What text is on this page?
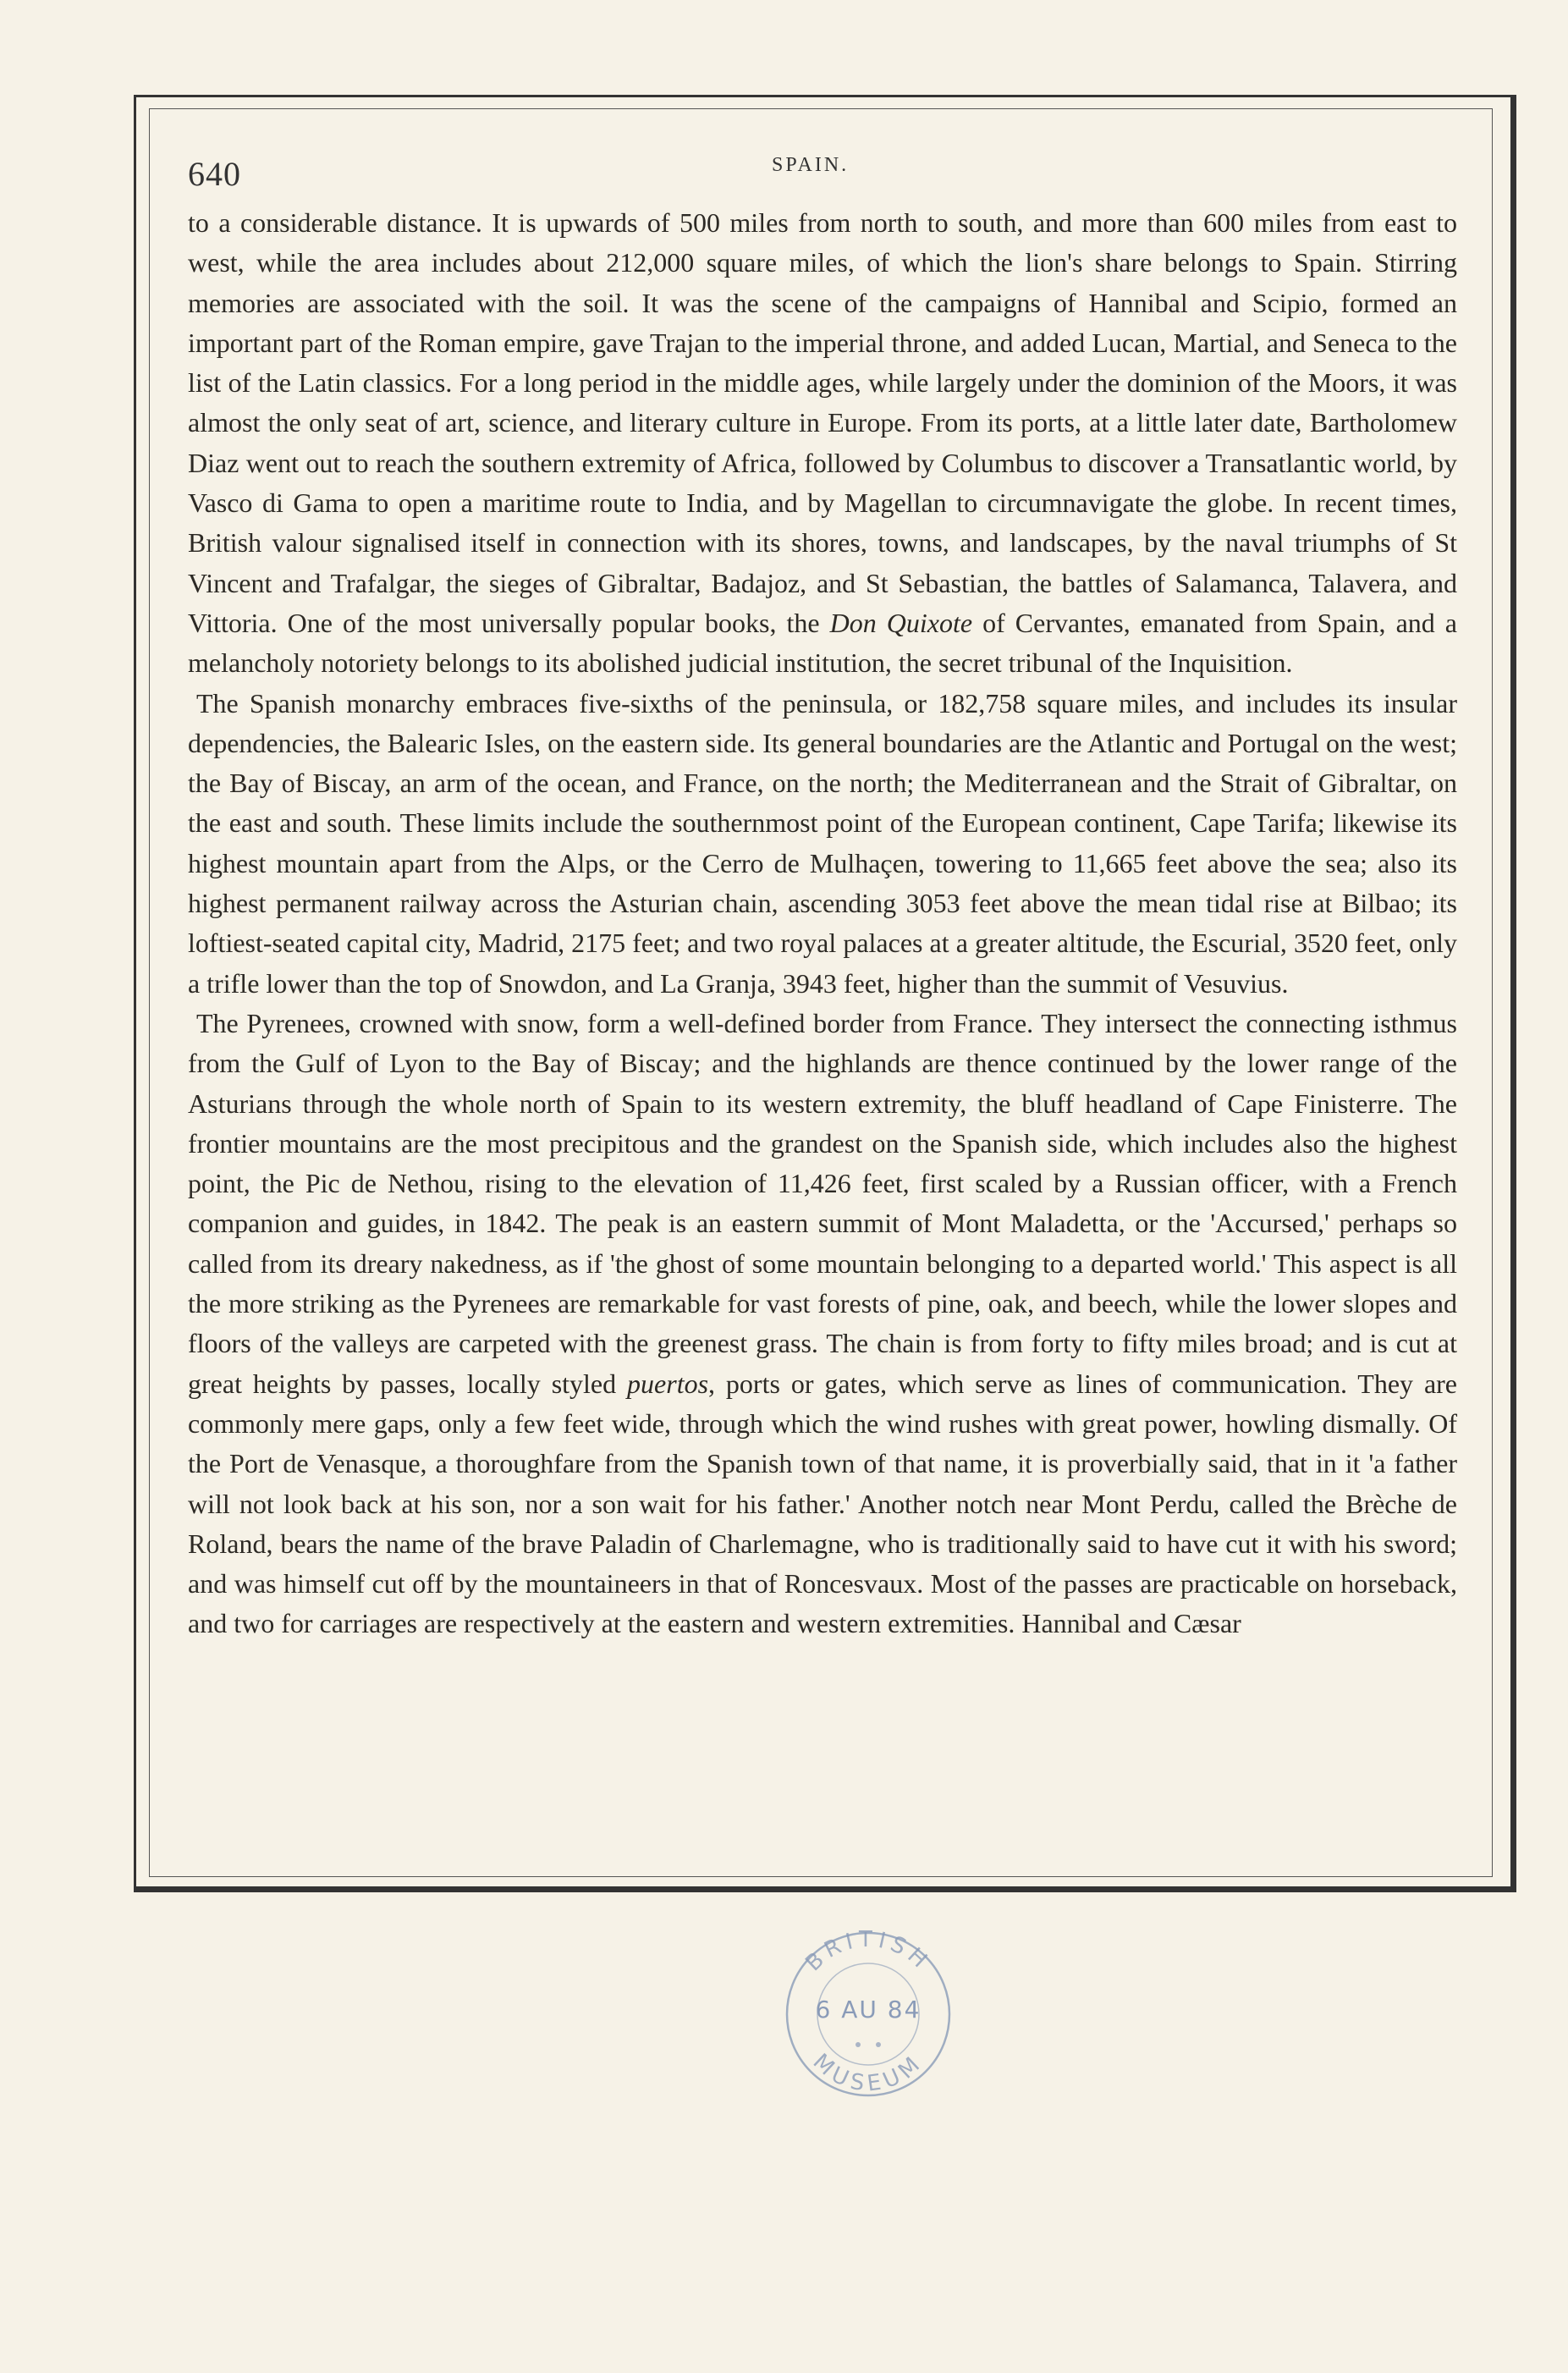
640	SPAIN.

to a considerable distance. It is upwards of 500 miles from north to south, and more than 600 miles from east to west, while the area includes about 212,000 square miles, of which the lion's share belongs to Spain. Stirring memories are associated with the soil. It was the scene of the campaigns of Hannibal and Scipio, formed an important part of the Roman empire, gave Trajan to the imperial throne, and added Lucan, Martial, and Seneca to the list of the Latin classics. For a long period in the middle ages, while largely under the dominion of the Moors, it was almost the only seat of art, science, and literary culture in Europe. From its ports, at a little later date, Bartholomew Diaz went out to reach the southern extremity of Africa, followed by Columbus to discover a Transatlantic world, by Vasco di Gama to open a maritime route to India, and by Magellan to circumnavigate the globe. In recent times, British valour signalised itself in connection with its shores, towns, and landscapes, by the naval triumphs of St Vincent and Trafalgar, the sieges of Gibraltar, Badajoz, and St Sebastian, the battles of Salamanca, Talavera, and Vittoria. One of the most universally popular books, the Don Quixote of Cervantes, emanated from Spain, and a melancholy notoriety belongs to its abolished judicial institution, the secret tribunal of the Inquisition.

The Spanish monarchy embraces five-sixths of the peninsula, or 182,758 square miles, and includes its insular dependencies, the Balearic Isles, on the eastern side. Its general boundaries are the Atlantic and Portugal on the west; the Bay of Biscay, an arm of the ocean, and France, on the north; the Mediterranean and the Strait of Gibraltar, on the east and south. These limits include the southernmost point of the European continent, Cape Tarifa; likewise its highest mountain apart from the Alps, or the Cerro de Mulhaçen, towering to 11,665 feet above the sea; also its highest permanent railway across the Asturian chain, ascending 3053 feet above the mean tidal rise at Bilbao; its loftiest-seated capital city, Madrid, 2175 feet; and two royal palaces at a greater altitude, the Escurial, 3520 feet, only a trifle lower than the top of Snowdon, and La Granja, 3943 feet, higher than the summit of Vesuvius.

The Pyrenees, crowned with snow, form a well-defined border from France. They intersect the connecting isthmus from the Gulf of Lyon to the Bay of Biscay; and the highlands are thence continued by the lower range of the Asturians through the whole north of Spain to its western extremity, the bluff headland of Cape Finisterre. The frontier mountains are the most precipitous and the grandest on the Spanish side, which includes also the highest point, the Pic de Nethou, rising to the elevation of 11,426 feet, first scaled by a Russian officer, with a French companion and guides, in 1842. The peak is an eastern summit of Mont Maladetta, or the 'Accursed,' perhaps so called from its dreary nakedness, as if 'the ghost of some mountain belonging to a departed world.' This aspect is all the more striking as the Pyrenees are remarkable for vast forests of pine, oak, and beech, while the lower slopes and floors of the valleys are carpeted with the greenest grass. The chain is from forty to fifty miles broad; and is cut at great heights by passes, locally styled puertos, ports or gates, which serve as lines of communication. They are commonly mere gaps, only a few feet wide, through which the wind rushes with great power, howling dismally. Of the Port de Venasque, a thoroughfare from the Spanish town of that name, it is proverbially said, that in it 'a father will not look back at his son, nor a son wait for his father.' Another notch near Mont Perdu, called the Brèche de Roland, bears the name of the brave Paladin of Charlemagne, who is traditionally said to have cut it with his sword; and was himself cut off by the mountaineers in that of Roncesvaux. Most of the passes are practicable on horseback, and two for carriages are respectively at the eastern and western extremities. Hannibal and Cæsar

BRITISH
MUSEUM
6 AU 84
